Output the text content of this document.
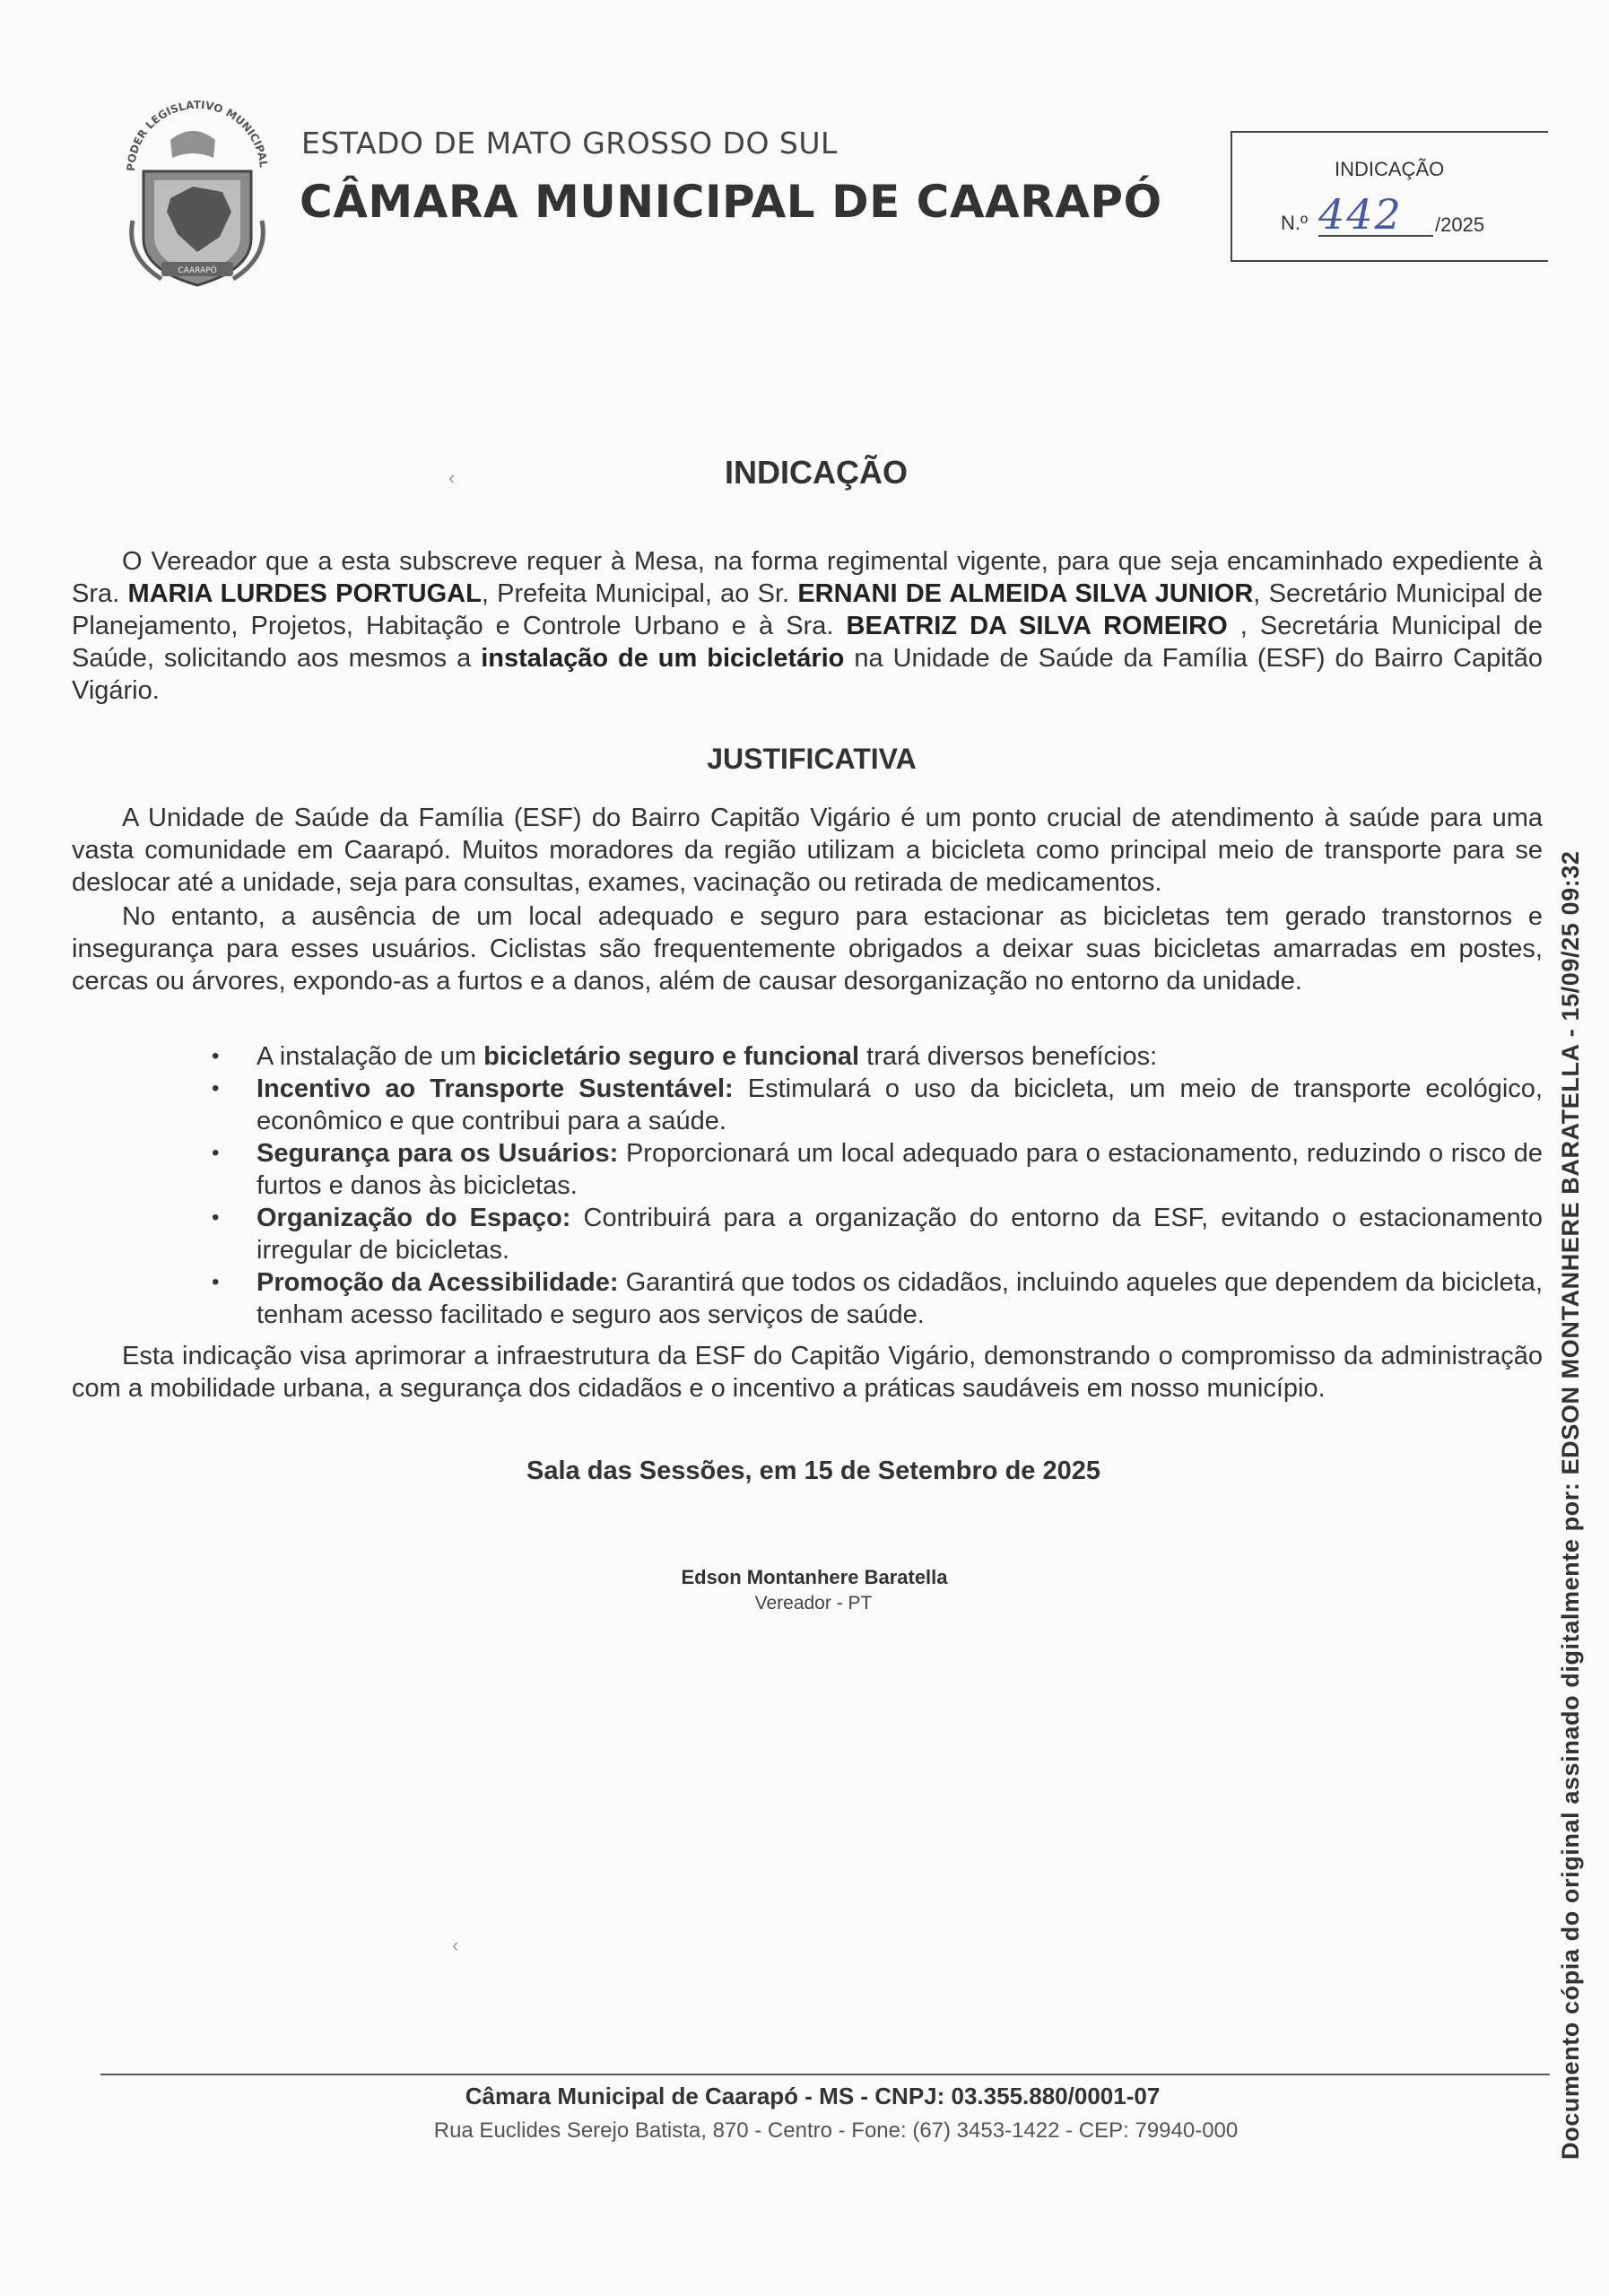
PODER LEGISLATIVO MUNICIPAL
CAARAPÓ
ESTADO DE MATO GROSSO DO SUL
CÂMARA MUNICIPAL DE CAARAPÓ
INDICAÇÃO
N.º 442 /2025
INDICAÇÃO
O Vereador que a esta subscreve requer à Mesa, na forma regimental vigente, para que seja encaminhado expediente à Sra. MARIA LURDES PORTUGAL, Prefeita Municipal, ao Sr. ERNANI DE ALMEIDA SILVA JUNIOR, Secretário Municipal de Planejamento, Projetos, Habitação e Controle Urbano e à Sra. BEATRIZ DA SILVA ROMEIRO , Secretária Municipal de Saúde, solicitando aos mesmos a instalação de um bicicletário na Unidade de Saúde da Família (ESF) do Bairro Capitão Vigário.
JUSTIFICATIVA
A Unidade de Saúde da Família (ESF) do Bairro Capitão Vigário é um ponto crucial de atendimento à saúde para uma vasta comunidade em Caarapó. Muitos moradores da região utilizam a bicicleta como principal meio de transporte para se deslocar até a unidade, seja para consultas, exames, vacinação ou retirada de medicamentos.
No entanto, a ausência de um local adequado e seguro para estacionar as bicicletas tem gerado transtornos e insegurança para esses usuários. Ciclistas são frequentemente obrigados a deixar suas bicicletas amarradas em postes, cercas ou árvores, expondo-as a furtos e a danos, além de causar desorganização no entorno da unidade.
• A instalação de um bicicletário seguro e funcional trará diversos benefícios:
• Incentivo ao Transporte Sustentável: Estimulará o uso da bicicleta, um meio de transporte ecológico, econômico e que contribui para a saúde.
• Segurança para os Usuários: Proporcionará um local adequado para o estacionamento, reduzindo o risco de furtos e danos às bicicletas.
• Organização do Espaço: Contribuirá para a organização do entorno da ESF, evitando o estacionamento irregular de bicicletas.
• Promoção da Acessibilidade: Garantirá que todos os cidadãos, incluindo aqueles que dependem da bicicleta, tenham acesso facilitado e seguro aos serviços de saúde.
Esta indicação visa aprimorar a infraestrutura da ESF do Capitão Vigário, demonstrando o compromisso da administração com a mobilidade urbana, a segurança dos cidadãos e o incentivo a práticas saudáveis em nosso município.
Sala das Sessões, em 15 de Setembro de 2025
Edson Montanhere Baratella
Vereador - PT
Câmara Municipal de Caarapó - MS - CNPJ: 03.355.880/0001-07
Rua Euclides Serejo Batista, 870 - Centro - Fone: (67) 3453-1422 - CEP: 79940-000	Documento cópia do original assinado digitalmente por: EDSON MONTANHERE BARATELLA - 15/09/25 09:32
‹
‹
